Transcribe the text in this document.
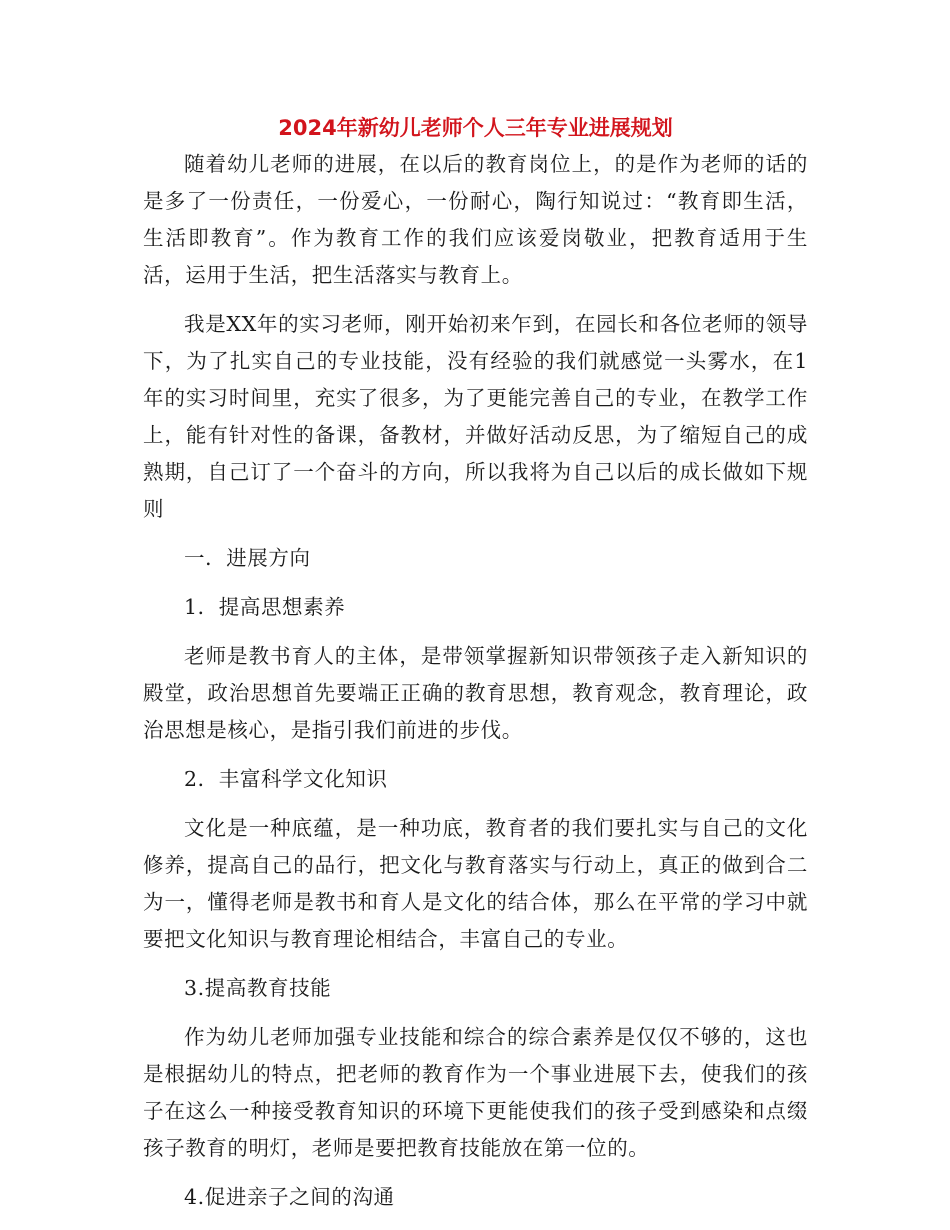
2024年新幼儿老师个人三年专业进展规划

随着幼儿老师的进展，在以后的教育岗位上，的是作为老师的话的是多了一份责任，一份爱心，一份耐心，陶行知说过：“教育即生活，生活即教育”。作为教育工作的我们应该爱岗敬业，把教育适用于生活，运用于生活，把生活落实与教育上。

我是XX年的实习老师，刚开始初来乍到，在园长和各位老师的领导下，为了扎实自己的专业技能，没有经验的我们就感觉一头雾水，在1年的实习时间里，充实了很多，为了更能完善自己的专业，在教学工作上，能有针对性的备课，备教材，并做好活动反思，为了缩短自己的成熟期，自己订了一个奋斗的方向，所以我将为自己以后的成长做如下规则

一．进展方向

1．提高思想素养

老师是教书育人的主体，是带领掌握新知识带领孩子走入新知识的殿堂，政治思想首先要端正正确的教育思想，教育观念，教育理论，政治思想是核心，是指引我们前进的步伐。

2．丰富科学文化知识

文化是一种底蕴，是一种功底，教育者的我们要扎实与自己的文化修养，提高自己的品行，把文化与教育落实与行动上，真正的做到合二为一，懂得老师是教书和育人是文化的结合体，那么在平常的学习中就要把文化知识与教育理论相结合，丰富自己的专业。

3.提高教育技能

作为幼儿老师加强专业技能和综合的综合素养是仅仅不够的，这也是根据幼儿的特点，把老师的教育作为一个事业进展下去，使我们的孩子在这么一种接受教育知识的环境下更能使我们的孩子受到感染和点缀孩子教育的明灯，老师是要把教育技能放在第一位的。

4.促进亲子之间的沟通
